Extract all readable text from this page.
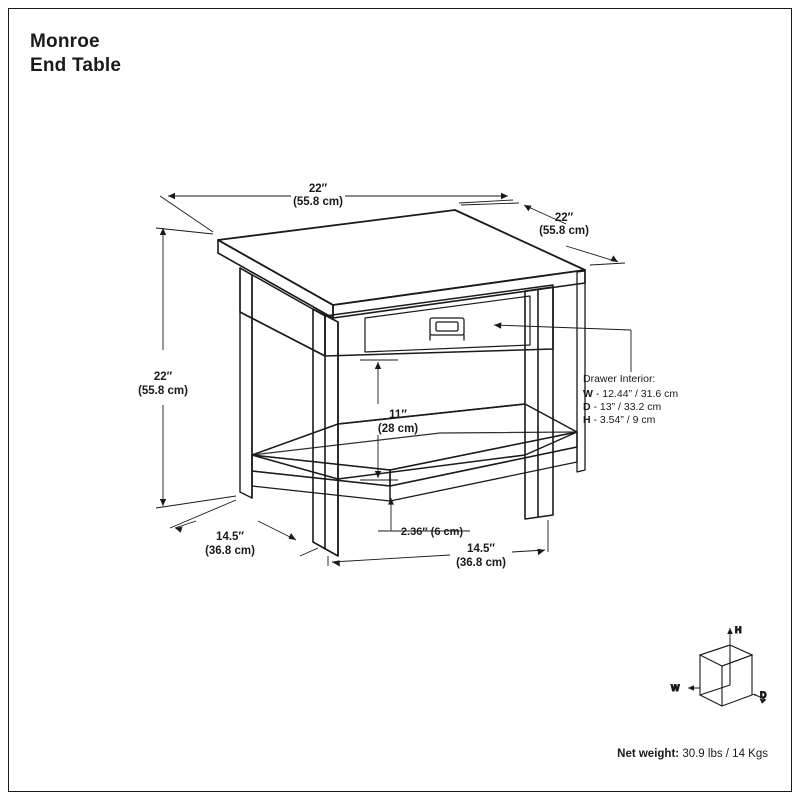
Monroe
End Table
22″
(55.8 cm)
22″
(55.8 cm)
22″
(55.8 cm)
11″
(28 cm)
14.5″
(36.8 cm)	14.5″
(36.8 cm)
2.36″ (6 cm)
Drawer Interior:
W - 12.44” / 31.6 cm
D - 13” / 33.2 cm
H - 3.54” / 9 cm
H
W
D
Net weight: 30.9 lbs / 14 Kgs
